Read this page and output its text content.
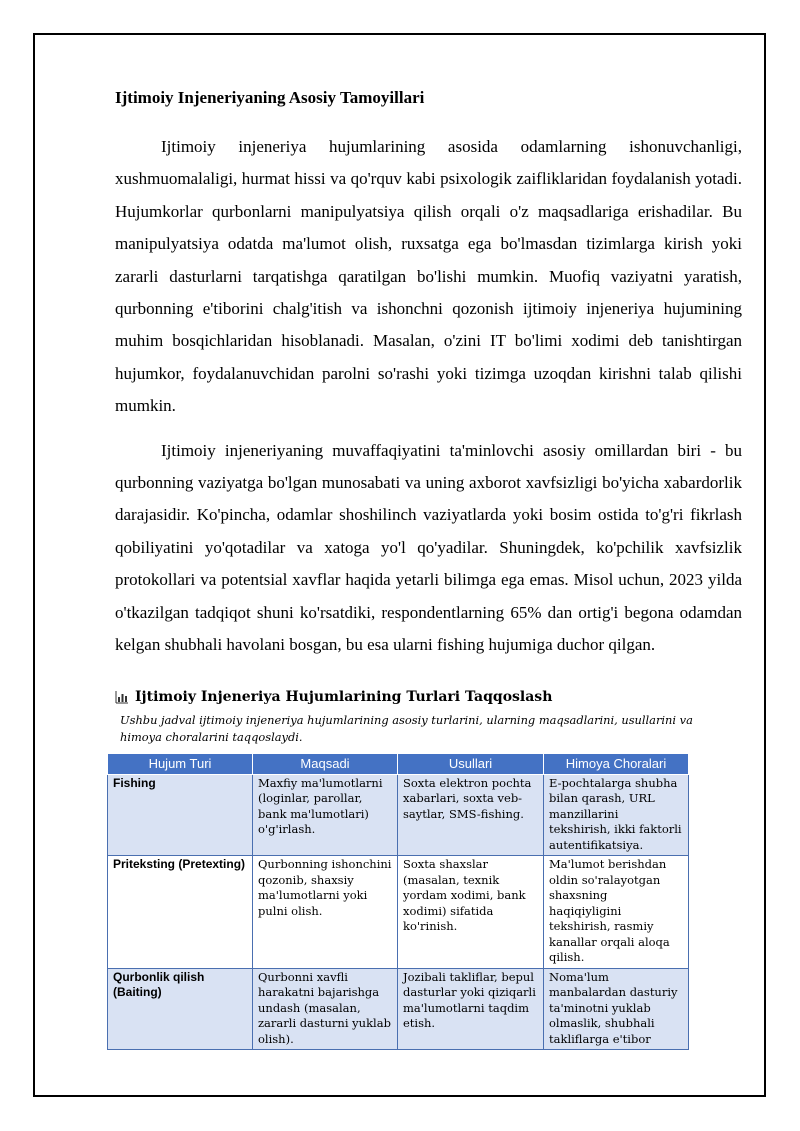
Ijtimoiy Injeneriyaning Asosiy Tamoyillari

Ijtimoiy injeneriya hujumlarining asosida odamlarning ishonuvchanligi, xushmuomalaligi, hurmat hissi va qo'rquv kabi psixologik zaifliklaridan foydalanish yotadi. Hujumkorlar qurbonlarni manipulyatsiya qilish orqali o'z maqsadlariga erishadilar. Bu manipulyatsiya odatda ma'lumot olish, ruxsatga ega bo'lmasdan tizimlarga kirish yoki zararli dasturlarni tarqatishga qaratilgan bo'lishi mumkin. Muofiq vaziyatni yaratish, qurbonning e'tiborini chalg'itish va ishonchni qozonish ijtimoiy injeneriya hujumining muhim bosqichlaridan hisoblanadi. Masalan, o'zini IT bo'limi xodimi deb tanishtirgan hujumkor, foydalanuvchidan parolni so'rashi yoki tizimga uzoqdan kirishni talab qilishi mumkin.

Ijtimoiy injeneriyaning muvaffaqiyatini ta'minlovchi asosiy omillardan biri - bu qurbonning vaziyatga bo'lgan munosabati va uning axborot xavfsizligi bo'yicha xabardorlik darajasidir. Ko'pincha, odamlar shoshilinch vaziyatlarda yoki bosim ostida to'g'ri fikrlash qobiliyatini yo'qotadilar va xatoga yo'l qo'yadilar. Shuningdek, ko'pchilik xavfsizlik protokollari va potentsial xavflar haqida yetarli bilimga ega emas. Misol uchun, 2023 yilda o'tkazilgan tadqiqot shuni ko'rsatdiki, respondentlarning 65% dan ortig'i begona odamdan kelgan shubhali havolani bosgan, bu esa ularni fishing hujumiga duchor qilgan.

Ijtimoiy Injeneriya Hujumlarining Turlari Taqqoslash
Ushbu jadval ijtimoiy injeneriya hujumlarining asosiy turlarini, ularning maqsadlarini, usullarini va himoya choralarini taqqoslaydi.
Hujum Turi	Maqsadi	Usullari	Himoya Choralari
Fishing	Maxfiy ma'lumotlarni (loginlar, parollar, bank ma'lumotlari) o'g'irlash.	Soxta elektron pochta xabarlari, soxta veb-saytlar, SMS-fishing.	E-pochtalarga shubha bilan qarash, URL manzillarini tekshirish, ikki faktorli autentifikatsiya.
Priteksting (Pretexting)	Qurbonning ishonchini qozonib, shaxsiy ma'lumotlarni yoki pulni olish.	Soxta shaxslar (masalan, texnik yordam xodimi, bank xodimi) sifatida ko'rinish.	Ma'lumot berishdan oldin so'ralayotgan shaxsning haqiqiyligini tekshirish, rasmiy kanallar orqali aloqa qilish.
Qurbonlik qilish (Baiting)	Qurbonni xavfli harakatni bajarishga undash (masalan, zararli dasturni yuklab olish).	Jozibali takliflar, bepul dasturlar yoki qiziqarli ma'lumotlarni taqdim etish.	Noma'lum manbalardan dasturiy ta'minotni yuklab olmaslik, shubhali takliflarga e'tibor
